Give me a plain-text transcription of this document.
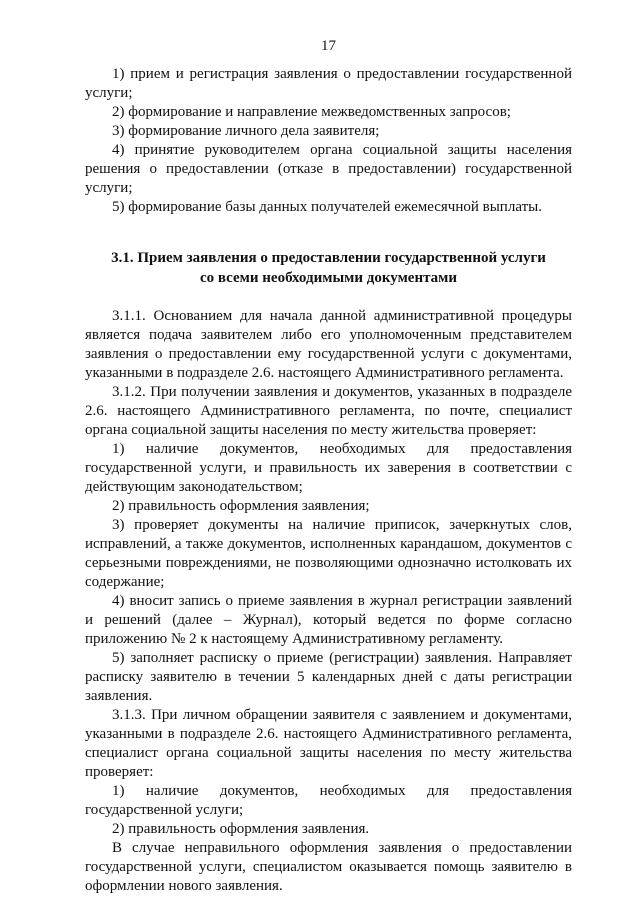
17

1) прием и регистрация заявления о предоставлении государственной услуги;

2) формирование и направление межведомственных запросов;

3) формирование личного дела заявителя;

4) принятие руководителем органа социальной защиты населения решения о предоставлении (отказе в предоставлении) государственной услуги;

5) формирование базы данных получателей ежемесячной выплаты.

3.1. Прием заявления о предоставлении государственной услуги
со всеми необходимыми документами

3.1.1. Основанием для начала данной административной процедуры является подача заявителем либо его уполномоченным представителем заявления о предоставлении ему государственной услуги с документами, указанными в подразделе 2.6. настоящего Административного регламента.

3.1.2. При получении заявления и документов, указанных в подразделе 2.6. настоящего Административного регламента, по почте, специалист органа социальной защиты населения по месту жительства проверяет:

1) наличие документов, необходимых для предоставления государственной услуги, и правильность их заверения в соответствии с действующим законодательством;

2) правильность оформления заявления;

3) проверяет документы на наличие приписок, зачеркнутых слов, исправлений, а также документов, исполненных карандашом, документов с серьезными повреждениями, не позволяющими однозначно истолковать их содержание;

4) вносит запись о приеме заявления в журнал регистрации заявлений и решений (далее – Журнал), который ведется по форме согласно приложению № 2 к настоящему Административному регламенту.

5) заполняет расписку о приеме (регистрации) заявления. Направляет расписку заявителю в течении 5 календарных дней с даты регистрации заявления.

3.1.3. При личном обращении заявителя с заявлением и документами, указанными в подразделе 2.6. настоящего Административного регламента, специалист органа социальной защиты населения по месту жительства проверяет:

1) наличие документов, необходимых для предоставления государственной услуги;

2) правильность оформления заявления.

В случае неправильного оформления заявления о предоставлении государственной услуги, специалистом оказывается помощь заявителю в оформлении нового заявления.
